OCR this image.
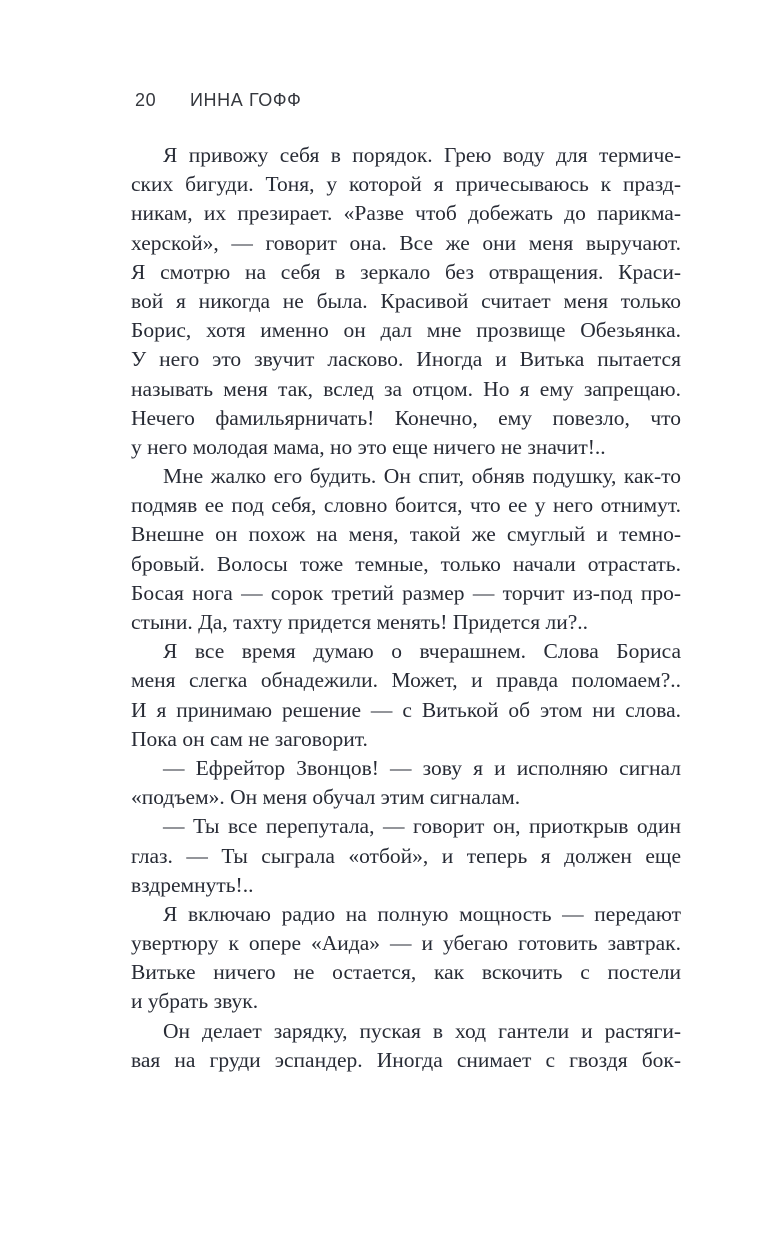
20	ИННА ГОФФ
Я привожу себя в порядок. Грею воду для термиче-
ских бигуди. Тоня, у которой я причесываюсь к празд-
никам, их презирает. «Разве чтоб добежать до парикма-
херской», — говорит она. Все же они меня выручают.
Я смотрю на себя в зеркало без отвращения. Краси-
вой я никогда не была. Красивой считает меня только
Борис, хотя именно он дал мне прозвище Обезьянка.
У него это звучит ласково. Иногда и Витька пытается
называть меня так, вслед за отцом. Но я ему запрещаю.
Нечего фамильярничать! Конечно, ему повезло, что
у него молодая мама, но это еще ничего не значит!..
Мне жалко его будить. Он спит, обняв подушку, как-то
подмяв ее под себя, словно боится, что ее у него отнимут.
Внешне он похож на меня, такой же смуглый и темно-
бровый. Волосы тоже темные, только начали отрастать.
Босая нога — сорок третий размер — торчит из-под про-
стыни. Да, тахту придется менять! Придется ли?..
Я все время думаю о вчерашнем. Слова Бориса
меня слегка обнадежили. Может, и правда поломаем?..
И я принимаю решение — с Витькой об этом ни слова.
Пока он сам не заговорит.
— Ефрейтор Звонцов! — зову я и исполняю сигнал
«подъем». Он меня обучал этим сигналам.
— Ты все перепутала, — говорит он, приоткрыв один
глаз. — Ты сыграла «отбой», и теперь я должен еще
вздремнуть!..
Я включаю радио на полную мощность — передают
увертюру к опере «Аида» — и убегаю готовить завтрак.
Витьке ничего не остается, как вскочить с постели
и убрать звук.
Он делает зарядку, пуская в ход гантели и растяги-
вая на груди эспандер. Иногда снимает с гвоздя бок-
